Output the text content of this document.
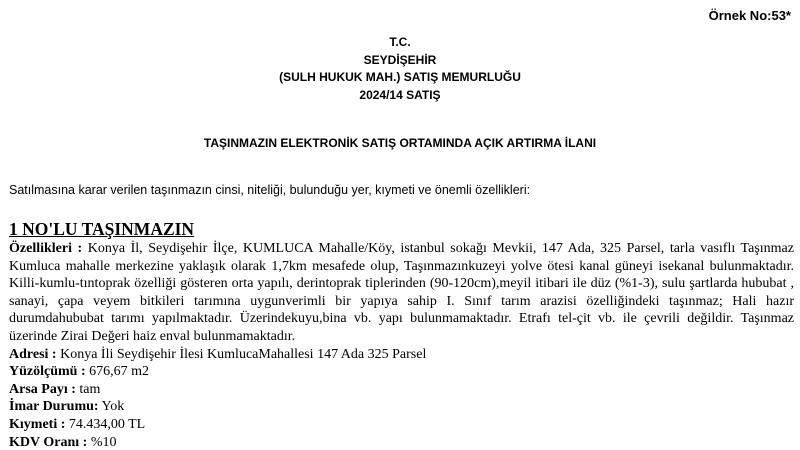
Örnek No:53*
T.C.
SEYDİŞEHİR
(SULH HUKUK MAH.) SATIŞ MEMURLUĞU
2024/14 SATIŞ
TAŞINMAZIN ELEKTRONİK SATIŞ ORTAMINDA AÇIK ARTIRMA İLANI
Satılmasına karar verilen taşınmazın cinsi, niteliği, bulunduğu yer, kıymeti ve önemli özellikleri:

1 NO'LU TAŞINMAZIN

Özellikleri : Konya İl, Seydişehir İlçe, KUMLUCA Mahalle/Köy, istanbul sokağı Mevkii, 147 Ada, 325 Parsel, tarla vasıflı Taşınmaz Kumluca mahalle merkezine yaklaşık olarak 1,7km mesafede olup, Taşınmazınkuzeyi yolve ötesi kanal güneyi isekanal bulunmaktadır. Killi-kumlu-tıntoprak özelliği gösteren orta yapılı, derintoprak tiplerinden (90-120cm),meyil itibari ile düz (%1-3), sulu şartlarda hububat , sanayi, çapa veyem bitkileri tarımına uygunverimli bir yapıya sahip I. Sınıf tarım arazisi özelliğindeki taşınmaz; Hali hazır durumdahububat tarımı yapılmaktadır. Üzerindekuyu,bina vb. yapı bulunmamaktadır. Etrafı tel-çit vb. ile çevrili değildir. Taşınmaz üzerinde Zirai Değeri haiz enval bulunmamaktadır.

Adresi : Konya İli Seydişehir İlesi KumlucaMahallesi 147 Ada 325 Parsel

Yüzölçümü : 676,67 m2

Arsa Payı : tam

İmar Durumu: Yok

Kıymeti : 74.434,00 TL

KDV Oranı : %10
